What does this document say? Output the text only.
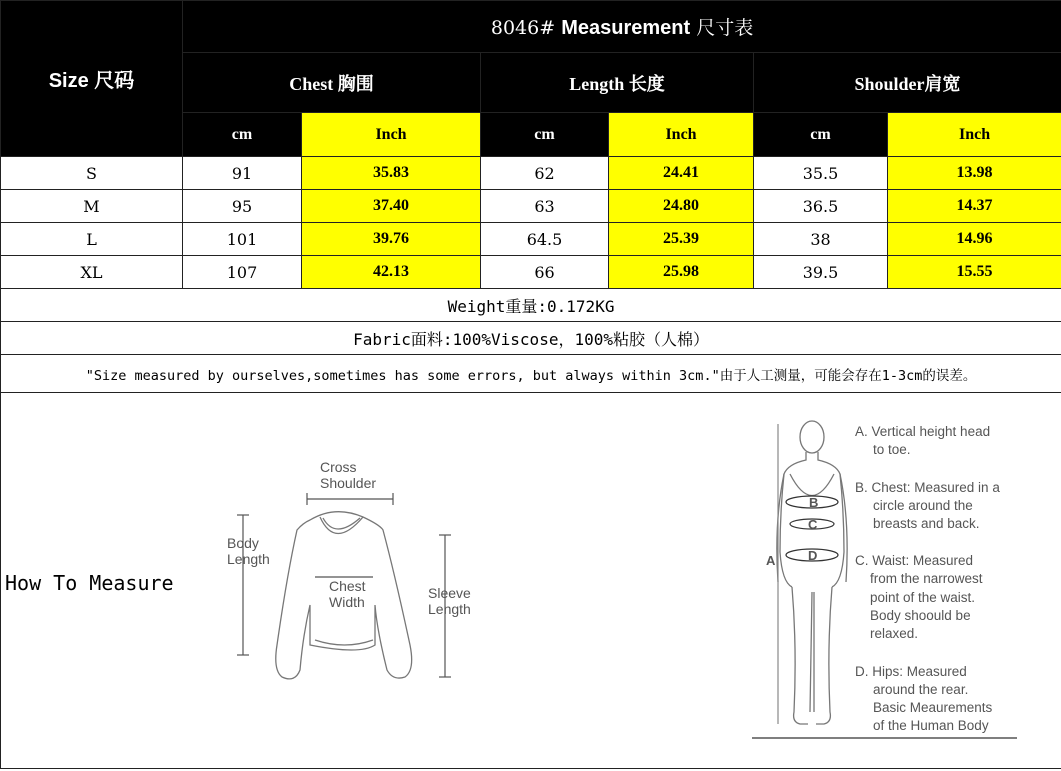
Size 尺码	8046# Measurement 尺寸表					
	Chest 胸围		Length 长度		Shoulder肩宽	
	cm	Inch	cm	Inch	cm	Inch
S	91	35.83	62	24.41	35.5	13.98
M	95	37.40	63	24.80	36.5	14.37
L	101	39.76	64.5	25.39	38	14.96
XL	107	42.13	66	25.98	39.5	15.55
Weight重量:0.172KG						
Fabric面料:100%Viscose，100%粘胶（人棉）						
"Size measured by ourselves,sometimes has some errors, but always within 3cm."由于人工测量，可能会存在1-3cm的误差。						

How To Measure
Cross
Shoulder
Body
Length
Chest
Width
Sleeve
Length
B
C
D
A
A. Vertical height head
to toe.
B. Chest: Measured in a
circle around the
breasts and back.
C. Waist: Measured
from the narrowest
point of the waist.
Body shoould be
relaxed.
D. Hips: Measured
around the rear.
Basic Meaurements
of the Human Body
